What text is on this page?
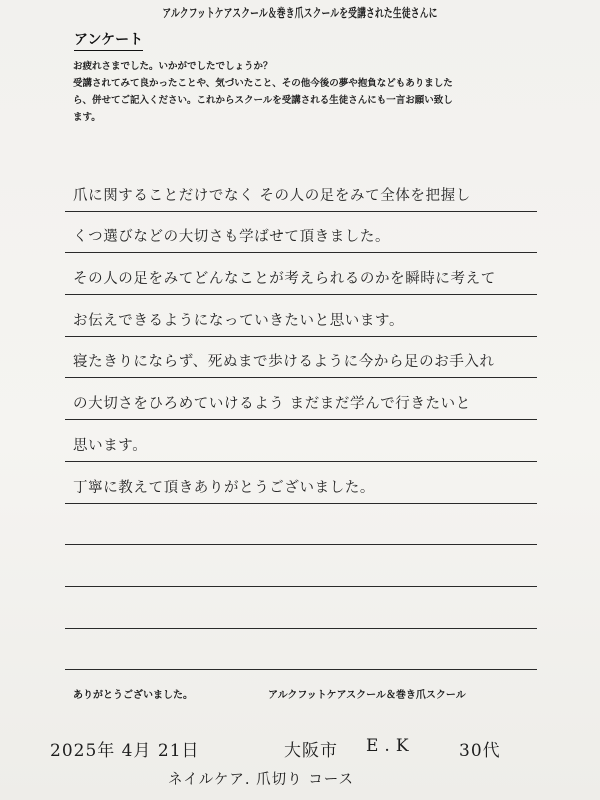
アルクフットケアスクール＆巻き爪スクールを受講された生徒さんに
アンケート
お疲れさまでした。いかがでしたでしょうか？
受講されてみて良かったことや、気づいたこと、その他今後の夢や抱負などもありました
ら、併せてご記入ください。これからスクールを受講される生徒さんにも一言お願い致し
ます。
爪に関することだけでなく その人の足をみて全体を把握し
くつ選びなどの大切さも学ばせて頂きました。
その人の足をみてどんなことが考えられるのかを瞬時に考えて
お伝えできるようになっていきたいと思います。
寝たきりにならず、死ぬまで歩けるように今から足のお手入れ
の大切さをひろめていけるよう まだまだ学んで行きたいと
思います。
丁寧に教えて頂きありがとうございました。
ありがとうございました。	アルクフットケアスクール＆巻き爪スクール
2025年 4月 21日	大阪市 E.K	30代
ネイルケア. 爪切り コース
